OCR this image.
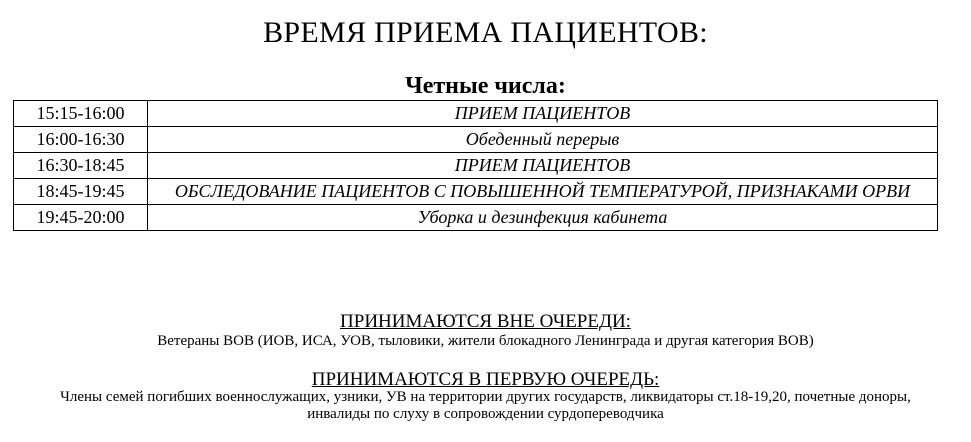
ВРЕМЯ ПРИЕМА ПАЦИЕНТОВ:
Четные числа:
15:15-16:00	ПРИЕМ ПАЦИЕНТОВ
16:00-16:30	Обеденный перерыв
16:30-18:45	ПРИЕМ ПАЦИЕНТОВ
18:45-19:45	ОБСЛЕДОВАНИЕ ПАЦИЕНТОВ С ПОВЫШЕННОЙ ТЕМПЕРАТУРОЙ, ПРИЗНАКАМИ ОРВИ
19:45-20:00	Уборка и дезинфекция кабинета
ПРИНИМАЮТСЯ ВНЕ ОЧЕРЕДИ:
Ветераны ВОВ (ИОВ, ИСА, УОВ, тыловики, жители блокадного Ленинграда и другая категория ВОВ)
ПРИНИМАЮТСЯ В ПЕРВУЮ ОЧЕРЕДЬ:
Члены семей погибших военнослужащих, узники, УВ на территории других государств, ликвидаторы ст.18-19,20, почетные доноры, инвалиды по слуху в сопровождении сурдопереводчика
